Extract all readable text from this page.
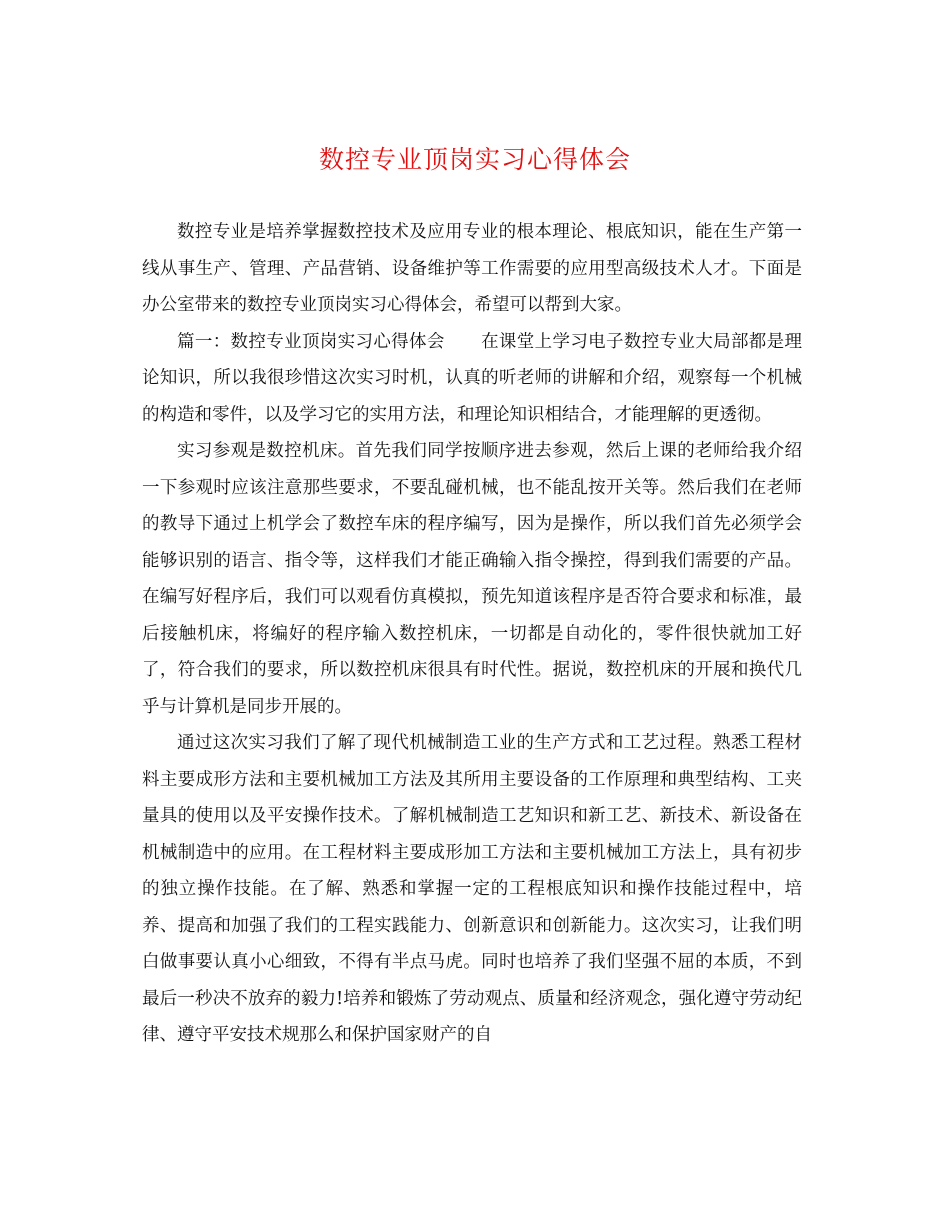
数控专业顶岗实习心得体会

数控专业是培养掌握数控技术及应用专业的根本理论、根底知识，能在生产第一线从事生产、管理、产品营销、设备维护等工作需要的应用型高级技术人才。下面是办公室带来的数控专业顶岗实习心得体会，希望可以帮到大家。

篇一：数控专业顶岗实习心得体会 在课堂上学习电子数控专业大局部都是理论知识，所以我很珍惜这次实习时机，认真的听老师的讲解和介绍，观察每一个机械的构造和零件，以及学习它的实用方法，和理论知识相结合，才能理解的更透彻。

实习参观是数控机床。首先我们同学按顺序进去参观，然后上课的老师给我介绍一下参观时应该注意那些要求，不要乱碰机械，也不能乱按开关等。然后我们在老师的教导下通过上机学会了数控车床的程序编写，因为是操作，所以我们首先必须学会能够识别的语言、指令等，这样我们才能正确输入指令操控，得到我们需要的产品。在编写好程序后，我们可以观看仿真模拟，预先知道该程序是否符合要求和标准，最后接触机床，将编好的程序输入数控机床，一切都是自动化的，零件很快就加工好了，符合我们的要求，所以数控机床很具有时代性。据说，数控机床的开展和换代几乎与计算机是同步开展的。

通过这次实习我们了解了现代机械制造工业的生产方式和工艺过程。熟悉工程材料主要成形方法和主要机械加工方法及其所用主要设备的工作原理和典型结构、工夹量具的使用以及平安操作技术。了解机械制造工艺知识和新工艺、新技术、新设备在机械制造中的应用。在工程材料主要成形加工方法和主要机械加工方法上，具有初步的独立操作技能。在了解、熟悉和掌握一定的工程根底知识和操作技能过程中，培养、提高和加强了我们的工程实践能力、创新意识和创新能力。这次实习，让我们明白做事要认真小心细致，不得有半点马虎。同时也培养了我们坚强不屈的本质，不到最后一秒决不放弃的毅力!培养和锻炼了劳动观点、质量和经济观念，强化遵守劳动纪律、遵守平安技术规那么和保护国家财产的自
